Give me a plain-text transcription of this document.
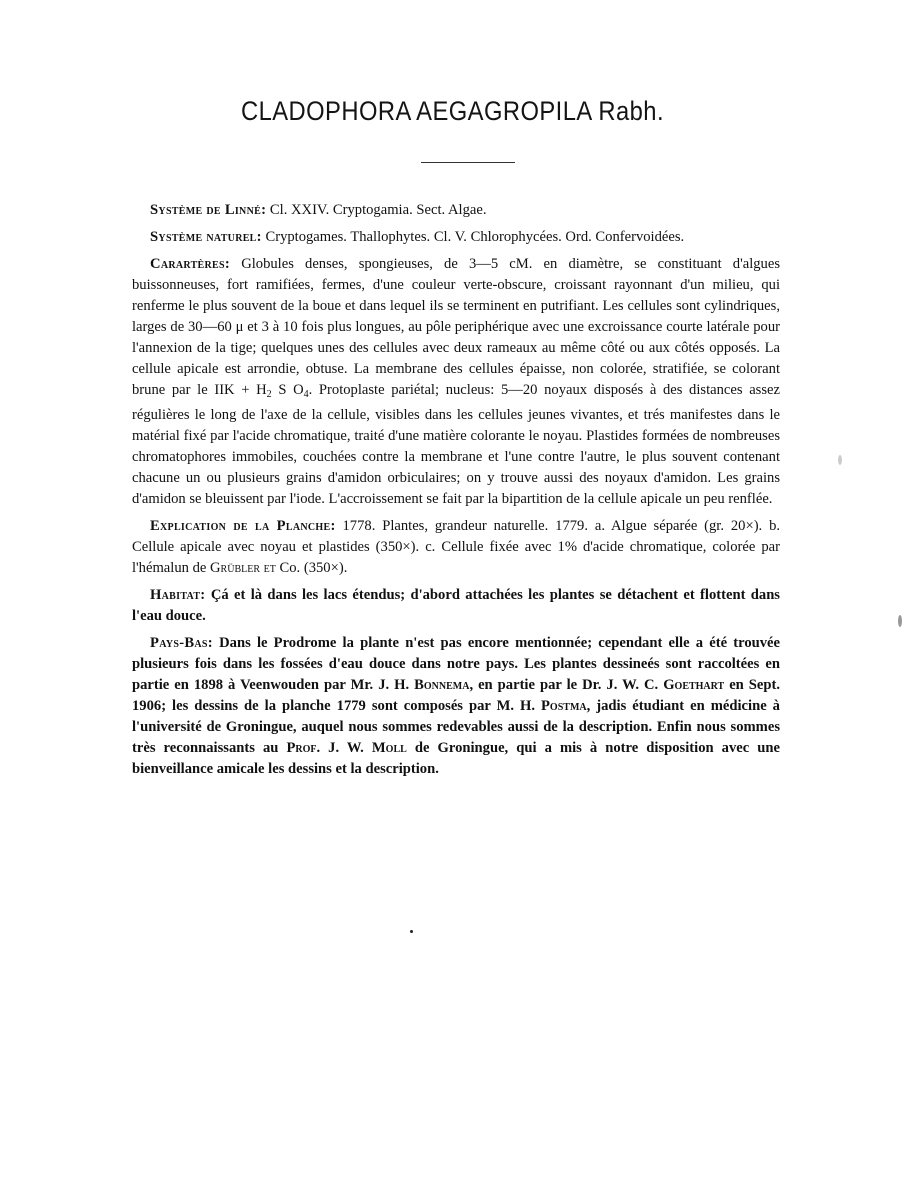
CLADOPHORA AEGAGROPILA Rabh.

Système de Linné: Cl. XXIV. Cryptogamia. Sect. Algae.

Système naturel: Cryptogames. Thallophytes. Cl. V. Chlorophycées. Ord. Confervoidées.

Carartères: Globules denses, spongieuses, de 3—5 cM. en diamètre, se constituant d'algues buissonneuses, fort ramifiées, fermes, d'une couleur verte-obscure, croissant rayonnant d'un milieu, qui renferme le plus souvent de la boue et dans lequel ils se terminent en putrifiant. Les cellules sont cylindriques, larges de 30—60 μ et 3 à 10 fois plus longues, au pôle periphérique avec une excroissance courte latérale pour l'annexion de la tige; quelques unes des cellules avec deux rameaux au même côté ou aux côtés opposés. La cellule apicale est arrondie, obtuse. La membrane des cellules épaisse, non colorée, stratifiée, se colorant brune par le IIK + $H_2$ S $O_4$. Protoplaste pariétal; nucleus: 5—20 noyaux disposés à des distances assez régulières le long de l'axe de la cellule, visibles dans les cellules jeunes vivantes, et trés manifestes dans le matérial fixé par l'acide chromatique, traité d'une matière colorante le noyau. Plastides formées de nombreuses chromatophores immobiles, couchées contre la membrane et l'une contre l'autre, le plus souvent contenant chacune un ou plusieurs grains d'amidon orbiculaires; on y trouve aussi des noyaux d'amidon. Les grains d'amidon se bleuissent par l'iode. L'accroissement se fait par la bipartition de la cellule apicale un peu renflée.

Explication de la Planche: 1778. Plantes, grandeur naturelle. 1779. a. Algue séparée (gr. 20×). b. Cellule apicale avec noyau et plastides (350×). c. Cellule fixée avec 1% d'acide chromatique, colorée par l'hémalun de Grübler et Co. (350×).

Habitat: Çá et là dans les lacs étendus; d'abord attachées les plantes se détachent et flottent dans l'eau douce.

Pays-Bas: Dans le Prodrome la plante n'est pas encore mentionnée; cependant elle a été trouvée plusieurs fois dans les fossées d'eau douce dans notre pays. Les plantes dessineés sont raccoltées en partie en 1898 à Veenwouden par Mr. J. H. Bonnema, en partie par le Dr. J. W. C. Goethart en Sept. 1906; les dessins de la planche 1779 sont composés par M. H. Postma, jadis étudiant en médicine à l'université de Groningue, auquel nous sommes redevables aussi de la description. Enfin nous sommes très reconnaissants au Prof. J. W. Moll de Groningue, qui a mis à notre disposition avec une bienveillance amicale les dessins et la description.
